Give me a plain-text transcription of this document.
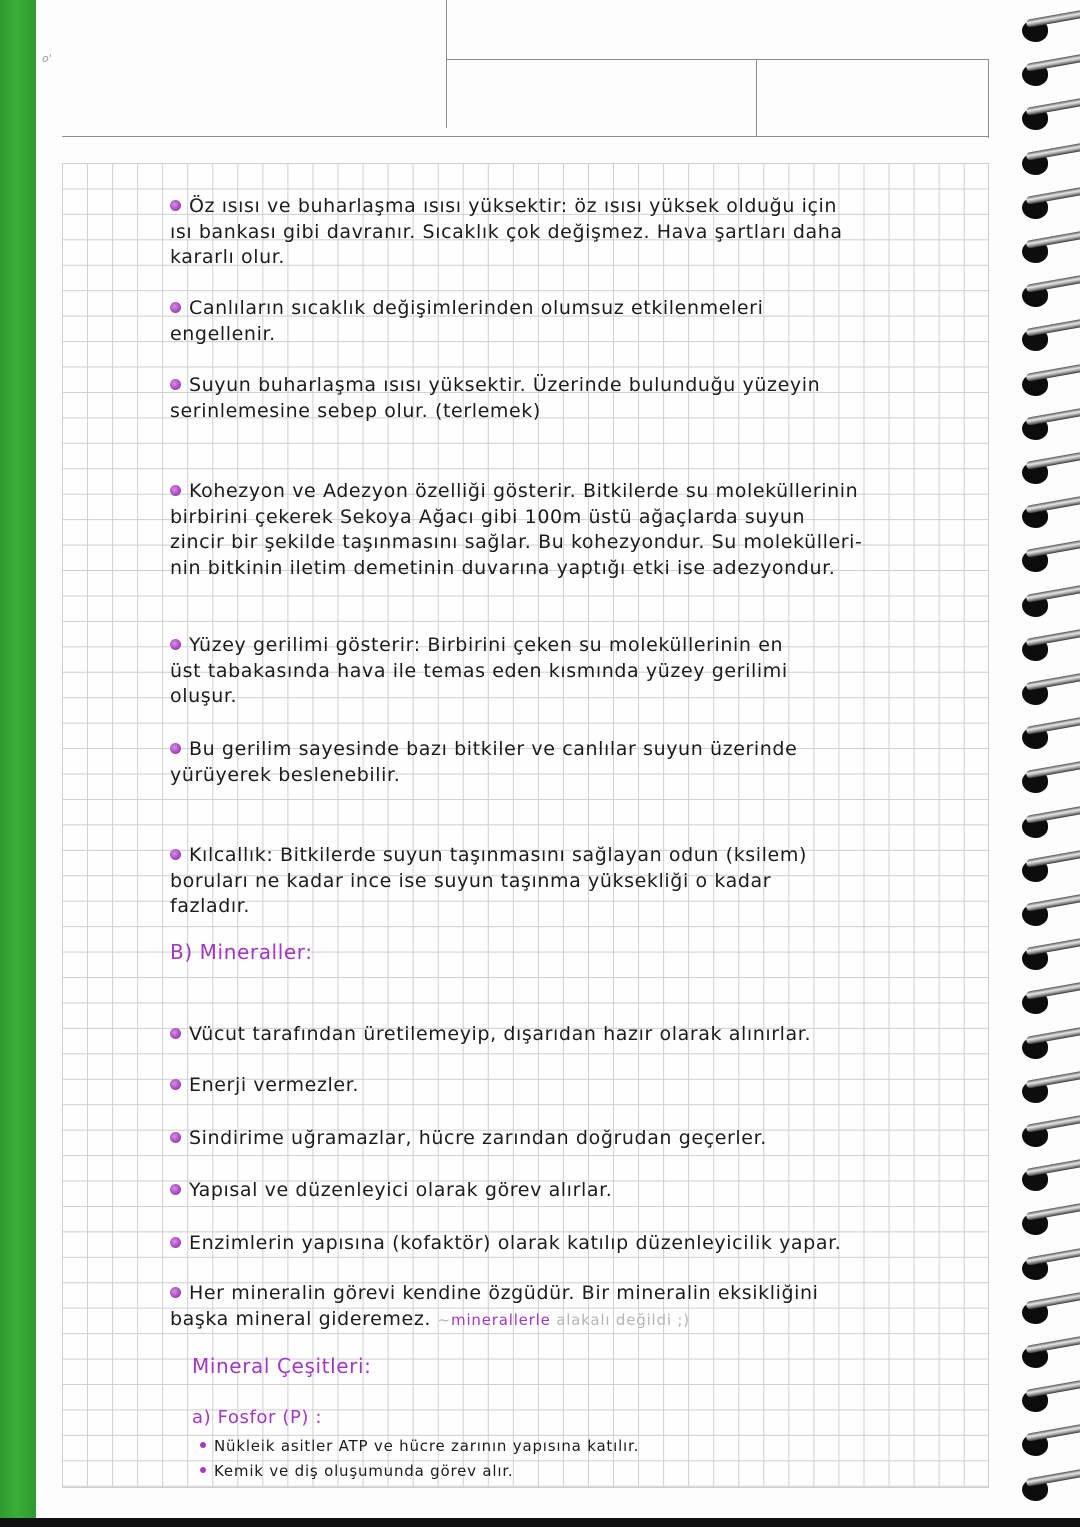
o'
Öz ısısı ve buharlaşma ısısı yüksektir: öz ısısı yüksek olduğu için
ısı bankası gibi davranır. Sıcaklık çok değişmez. Hava şartları daha
kararlı olur.
Canlıların sıcaklık değişimlerinden olumsuz etkilenmeleri
engellenir.
Suyun buharlaşma ısısı yüksektir. Üzerinde bulunduğu yüzeyin
serinlemesine sebep olur. (terlemek)
Kohezyon ve Adezyon özelliği gösterir. Bitkilerde su moleküllerinin
birbirini çekerek Sekoya Ağacı gibi 100m üstü ağaçlarda suyun
zincir bir şekilde taşınmasını sağlar. Bu kohezyondur. Su molekülleri-
nin bitkinin iletim demetinin duvarına yaptığı etki ise adezyondur.
Yüzey gerilimi gösterir: Birbirini çeken su moleküllerinin en
üst tabakasında hava ile temas eden kısmında yüzey gerilimi
oluşur.
Bu gerilim sayesinde bazı bitkiler ve canlılar suyun üzerinde
yürüyerek beslenebilir.
Kılcallık: Bitkilerde suyun taşınmasını sağlayan odun (ksilem)
boruları ne kadar ince ise suyun taşınma yüksekliği o kadar
fazladır.
B) Mineraller:
Vücut tarafından üretilemeyip, dışarıdan hazır olarak alınırlar.
Enerji vermezler.
Sindirime uğramazlar, hücre zarından doğrudan geçerler.
Yapısal ve düzenleyici olarak görev alırlar.
Enzimlerin yapısına (kofaktör) olarak katılıp düzenleyicilik yapar.
Her mineralin görevi kendine özgüdür. Bir mineralin eksikliğini
başka mineral gideremez. ~minerallerle alakalı değildi ;)
Mineral Çeşitleri:
a) Fosfor (P) :
Nükleik asitler ATP ve hücre zarının yapısına katılır.
Kemik ve diş oluşumunda görev alır.
